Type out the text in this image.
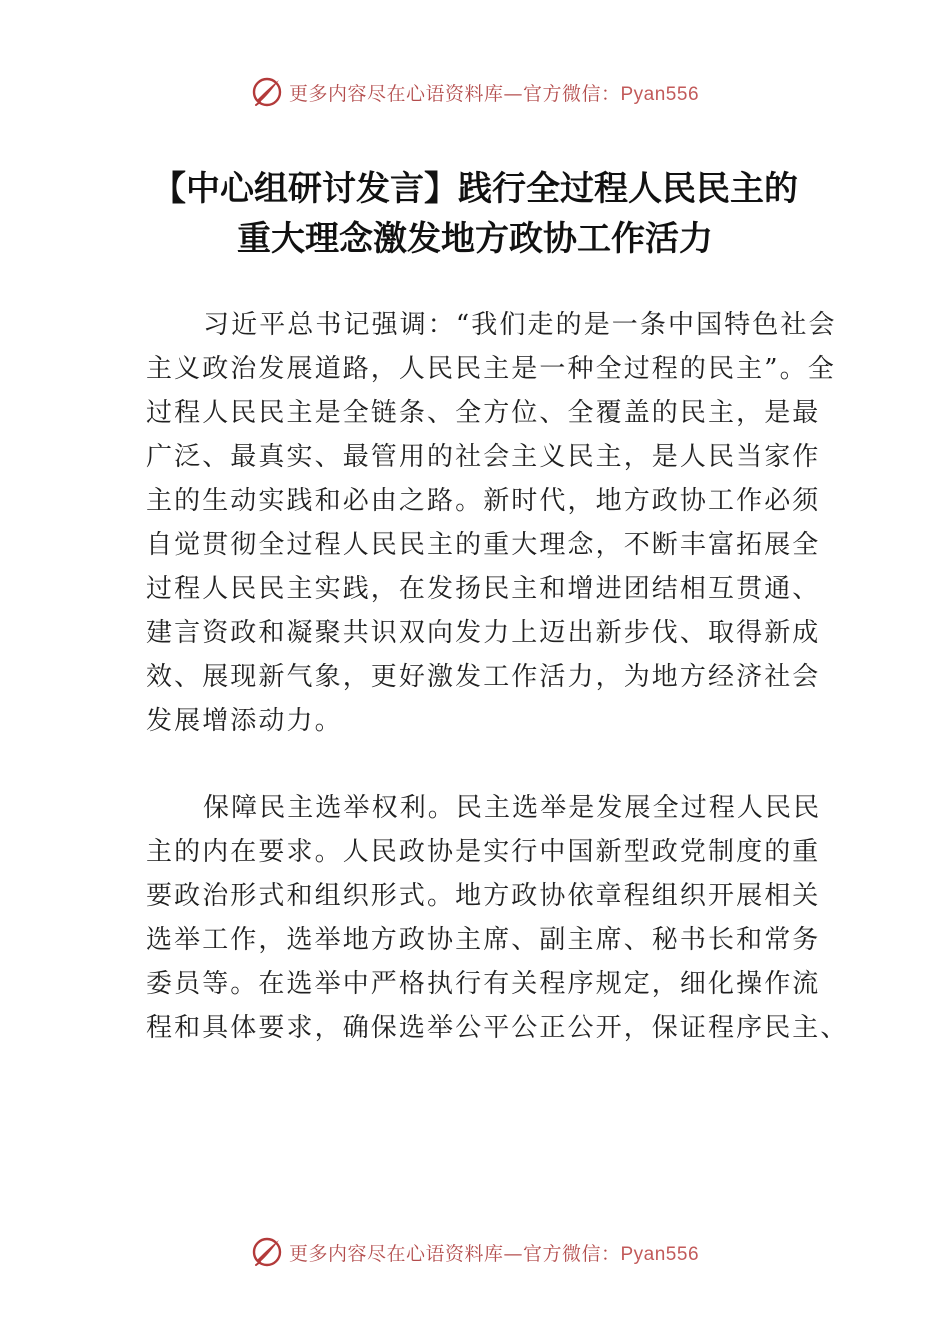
更多内容尽在心语资料库—官方微信：Pyan556
【中心组研讨发言】践行全过程人民民主的
重大理念激发地方政协工作活力
习近平总书记强调：“我们走的是一条中国特色社会
主义政治发展道路，人民民主是一种全过程的民主”。全
过程人民民主是全链条、全方位、全覆盖的民主，是最
广泛、最真实、最管用的社会主义民主，是人民当家作
主的生动实践和必由之路。新时代，地方政协工作必须
自觉贯彻全过程人民民主的重大理念，不断丰富拓展全
过程人民民主实践，在发扬民主和增进团结相互贯通、
建言资政和凝聚共识双向发力上迈出新步伐、取得新成
效、展现新气象，更好激发工作活力，为地方经济社会
发展增添动力。
保障民主选举权利。民主选举是发展全过程人民民
主的内在要求。人民政协是实行中国新型政党制度的重
要政治形式和组织形式。地方政协依章程组织开展相关
选举工作，选举地方政协主席、副主席、秘书长和常务
委员等。在选举中严格执行有关程序规定，细化操作流
程和具体要求，确保选举公平公正公开，保证程序民主、
更多内容尽在心语资料库—官方微信：Pyan556
